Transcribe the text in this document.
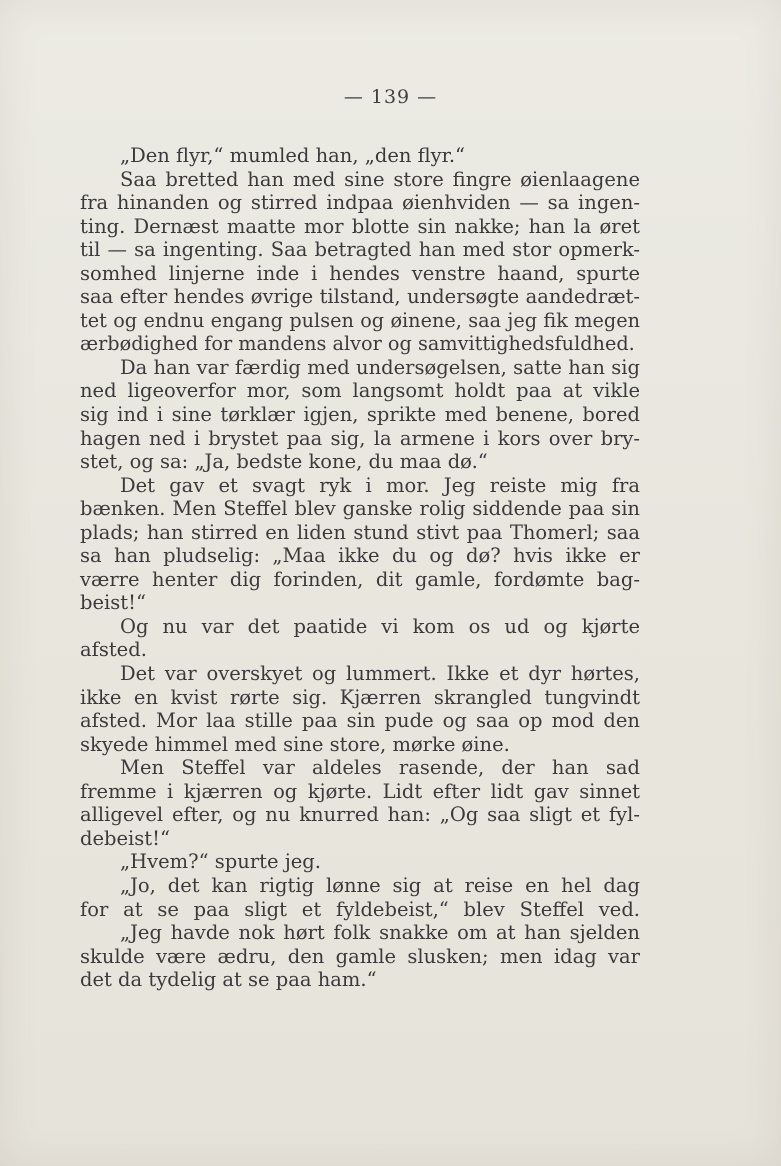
— 139 —
„Den flyr,“ mumled han, „den flyr.“
Saa bretted han med sine store fingre øienlaagene
fra hinanden og stirred indpaa øienhviden — sa ingen-
ting. Dernæst maatte mor blotte sin nakke; han la øret
til — sa ingenting. Saa betragted han med stor opmerk-
somhed linjerne inde i hendes venstre haand, spurte
saa efter hendes øvrige tilstand, undersøgte aandedræt-
tet og endnu engang pulsen og øinene, saa jeg fik megen
ærbødighed for mandens alvor og samvittighedsfuldhed.
Da han var færdig med undersøgelsen, satte han sig
ned ligeoverfor mor, som langsomt holdt paa at vikle
sig ind i sine tørklær igjen, sprikte med benene, bored
hagen ned i brystet paa sig, la armene i kors over bry-
stet, og sa: „Ja, bedste kone, du maa dø.“
Det gav et svagt ryk i mor. Jeg reiste mig fra
bænken. Men Steffel blev ganske rolig siddende paa sin
plads; han stirred en liden stund stivt paa Thomerl; saa
sa han pludselig: „Maa ikke du og dø? hvis ikke er
værre henter dig forinden, dit gamle, fordømte bag-
beist!“
Og nu var det paatide vi kom os ud og kjørte
afsted.
Det var overskyet og lummert. Ikke et dyr hørtes,
ikke en kvist rørte sig. Kjærren skrangled tungvindt
afsted. Mor laa stille paa sin pude og saa op mod den
skyede himmel med sine store, mørke øine.
Men Steffel var aldeles rasende, der han sad
fremme i kjærren og kjørte. Lidt efter lidt gav sinnet
alligevel efter, og nu knurred han: „Og saa sligt et fyl-
debeist!“
„Hvem?“ spurte jeg.
„Jo, det kan rigtig lønne sig at reise en hel dag
for at se paa sligt et fyldebeist,“ blev Steffel ved.
„Jeg havde nok hørt folk snakke om at han sjelden
skulde være ædru, den gamle slusken; men idag var
det da tydelig at se paa ham.“
